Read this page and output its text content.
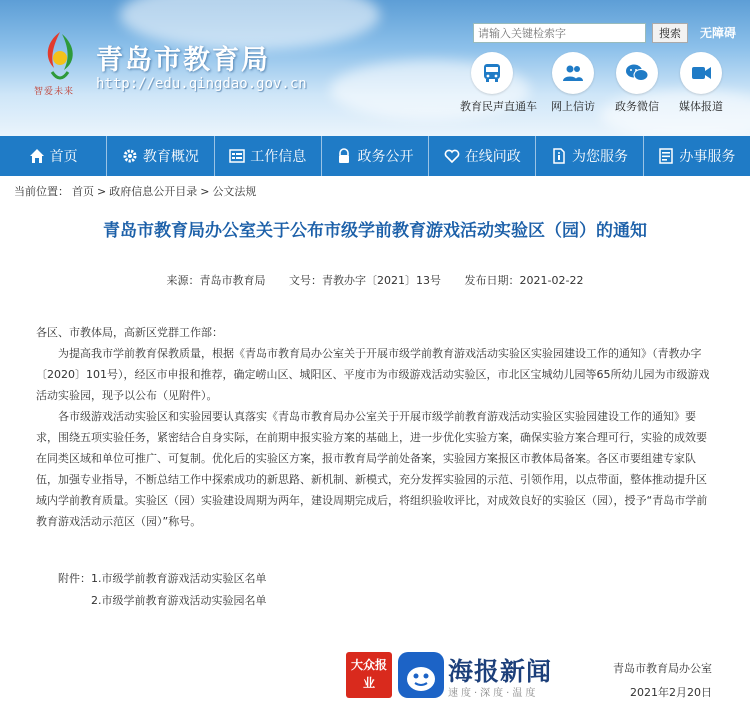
智爱未来
青岛市教育局
http://edu.qingdao.gov.cn
请输入关键检索字
搜索	无障碍
教育民声直通车	网上信访	政务微信	媒体报道
首页	教育概况	工作信息	政务公开	在线问政	为您服务	办事服务
当前位置： 首页 > 政府信息公开目录 > 公文法规
青岛市教育局办公室关于公布市级学前教育游戏活动实验区（园）的通知
来源：青岛市教育局 文号：青教办字〔2021〕13号 发布日期：2021-02-22

各区、市教体局，高新区党群工作部：

为提高我市学前教育保教质量，根据《青岛市教育局办公室关于开展市级学前教育游戏活动实验区实验园建设工作的通知》（青教办字〔2020〕101号），经区市申报和推荐，确定崂山区、城阳区、平度市为市级游戏活动实验区，市北区宝城幼儿园等65所幼儿园为市级游戏活动实验园，现予以公布（见附件）。

各市级游戏活动实验区和实验园要认真落实《青岛市教育局办公室关于开展市级学前教育游戏活动实验区实验园建设工作的通知》要求，围绕五项实验任务，紧密结合自身实际，在前期申报实验方案的基础上，进一步优化实验方案，确保实验方案合理可行，实验的成效要在同类区域和单位可推广、可复制。优化后的实验区方案，报市教育局学前处备案，实验园方案报区市教体局备案。各区市要组建专家队伍，加强专业指导，不断总结工作中探索成功的新思路、新机制、新模式，充分发挥实验园的示范、引领作用，以点带面，整体推动提升区域内学前教育质量。实验区（园）实验建设周期为两年，建设周期完成后，将组织验收评比，对成效良好的实验区（园），授予“青岛市学前教育游戏活动示范区（园）”称号。

附件：1.市级学前教育游戏活动实验区名单
2.市级学前教育游戏活动实验园名单
大众报业	海报新闻
速度·深度·温度
青岛市教育局办公室
2021年2月20日
